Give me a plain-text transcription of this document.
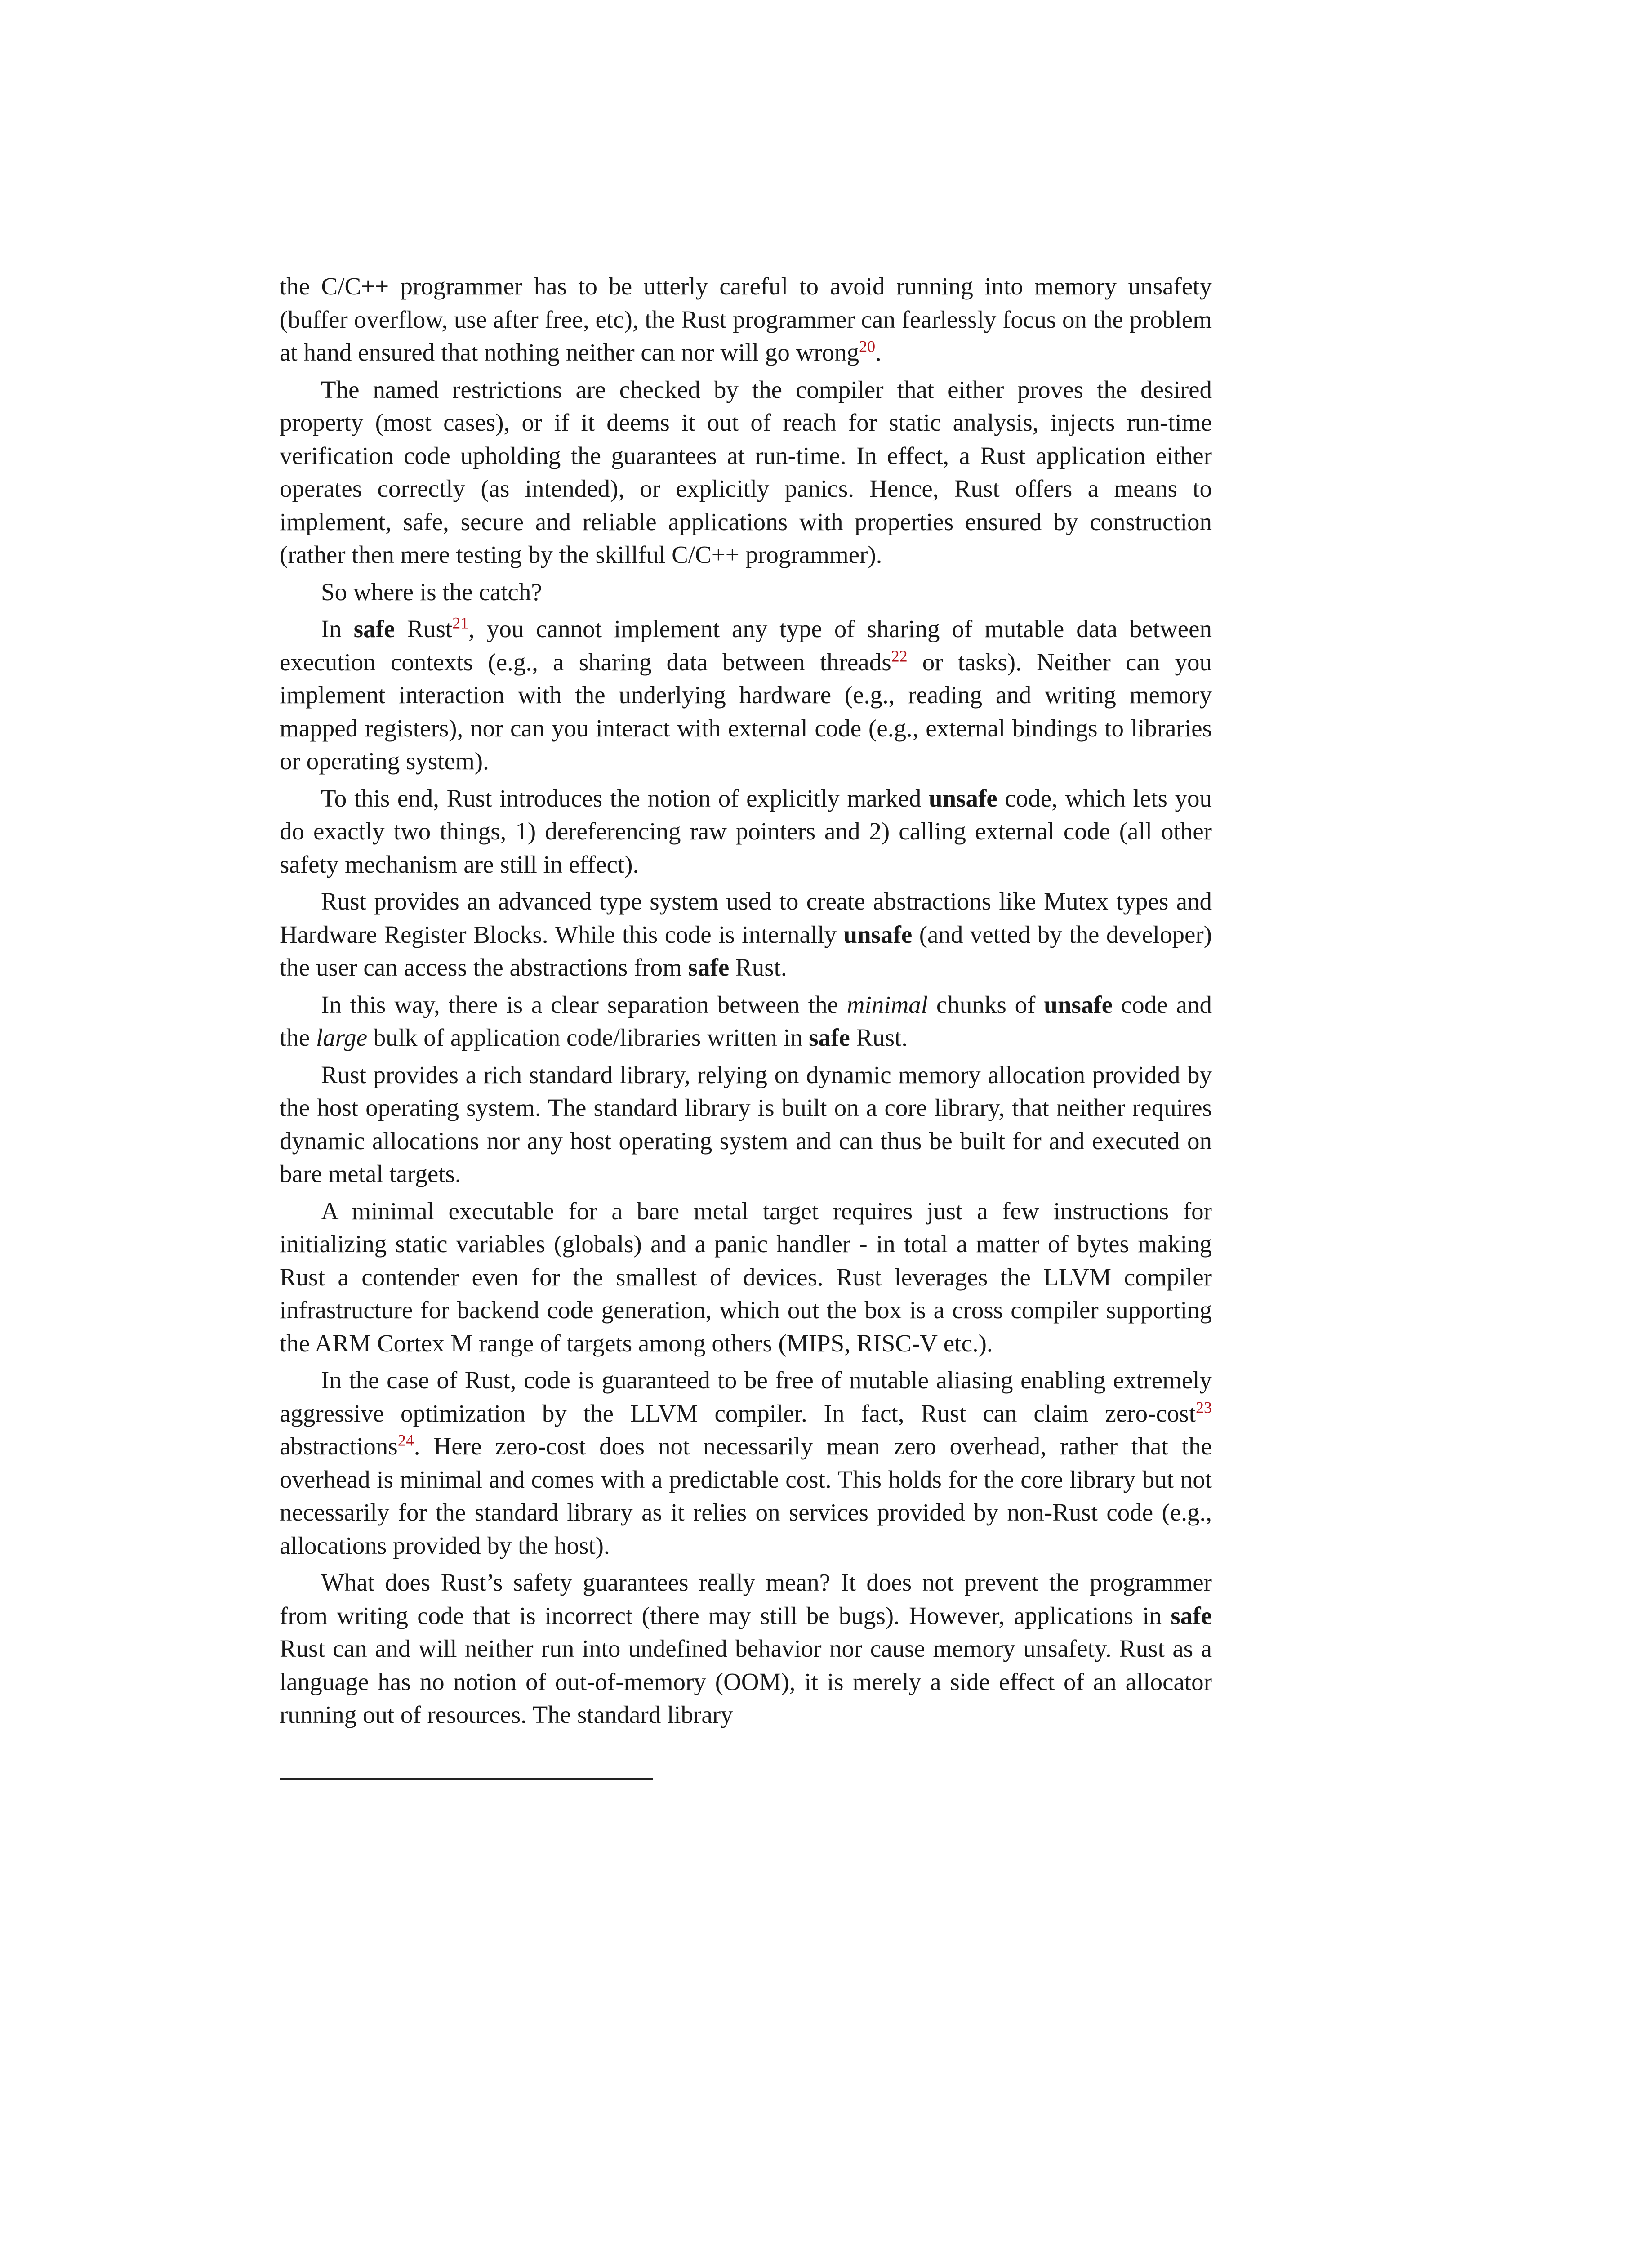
the C/C++ programmer has to be utterly careful to avoid running into memory unsafety (buffer overflow, use after free, etc), the Rust programmer can fearlessly focus on the problem at hand ensured that nothing neither can nor will go wrong$^{20}$.

The named restrictions are checked by the compiler that either proves the desired property (most cases), or if it deems it out of reach for static analysis, injects run-time verification code upholding the guarantees at run-time. In effect, a Rust application either operates correctly (as intended), or explicitly panics. Hence, Rust offers a means to implement, safe, secure and reliable applications with properties ensured by construction (rather then mere testing by the skillful C/C++ programmer).

So where is the catch?

In safe Rust$^{21}$, you cannot implement any type of sharing of mutable data between execution contexts (e.g., a sharing data between threads$^{22}$ or tasks). Neither can you implement interaction with the underlying hardware (e.g., reading and writing memory mapped registers), nor can you interact with external code (e.g., external bindings to libraries or operating system).

To this end, Rust introduces the notion of explicitly marked unsafe code, which lets you do exactly two things, 1) dereferencing raw pointers and 2) calling external code (all other safety mechanism are still in effect).

Rust provides an advanced type system used to create abstractions like Mutex types and Hardware Register Blocks. While this code is internally unsafe (and vetted by the developer) the user can access the abstractions from safe Rust.

In this way, there is a clear separation between the minimal chunks of unsafe code and the large bulk of application code/libraries written in safe Rust.

Rust provides a rich standard library, relying on dynamic memory allocation provided by the host operating system. The standard library is built on a core library, that neither requires dynamic allocations nor any host operating system and can thus be built for and executed on bare metal targets.

A minimal executable for a bare metal target requires just a few instructions for initializing static variables (globals) and a panic handler - in total a matter of bytes making Rust a contender even for the smallest of devices. Rust leverages the LLVM compiler infrastructure for backend code generation, which out the box is a cross compiler supporting the ARM Cortex M range of targets among others (MIPS, RISC-V etc.).

In the case of Rust, code is guaranteed to be free of mutable aliasing enabling extremely aggressive optimization by the LLVM compiler. In fact, Rust can claim zero-cost$^{23}$ abstractions$^{24}$. Here zero-cost does not necessarily mean zero overhead, rather that the overhead is minimal and comes with a predictable cost. This holds for the core library but not necessarily for the standard library as it relies on services provided by non-Rust code (e.g., allocations provided by the host).

What does Rust’s safety guarantees really mean? It does not prevent the programmer from writing code that is incorrect (there may still be bugs). However, applications in safe Rust can and will neither run into undefined behavior nor cause memory unsafety. Rust as a language has no notion of out-of-memory (OOM), it is merely a side effect of an allocator running out of resources. The standard library
